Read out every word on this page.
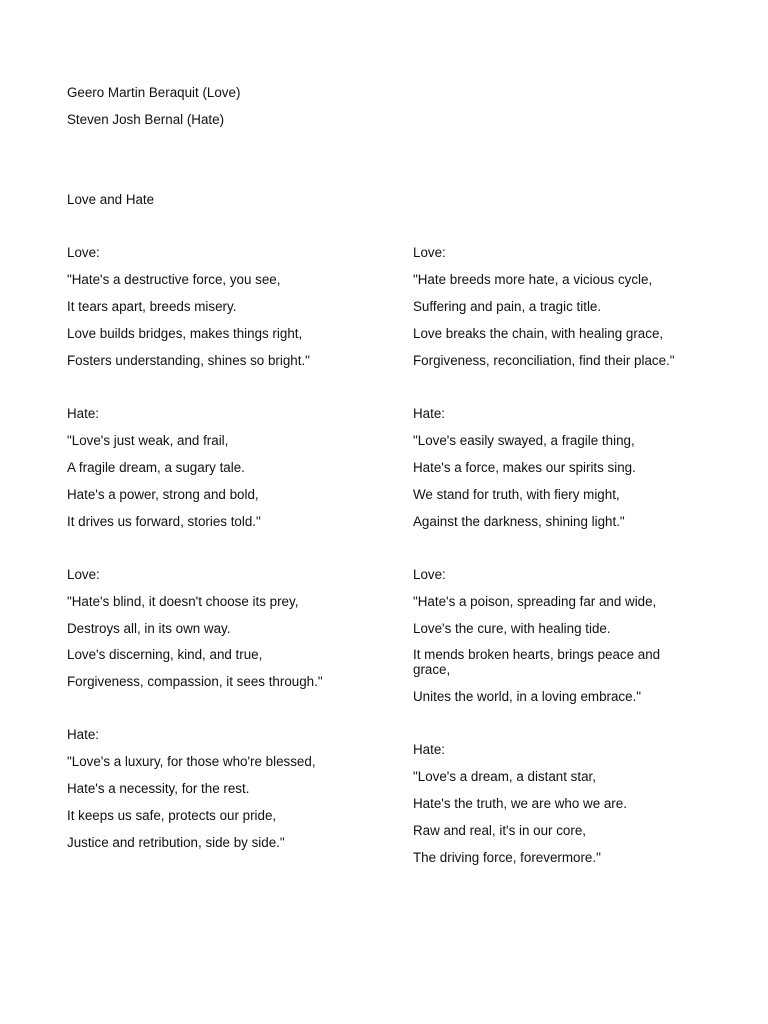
Geero Martin Beraquit (Love)
Steven Josh Bernal (Hate)
Love and Hate
Love:
"Hate's a destructive force, you see,
It tears apart, breeds misery.
Love builds bridges, makes things right,
Fosters understanding, shines so bright."
Hate:
"Love's just weak, and frail,
A fragile dream, a sugary tale.
Hate's a power, strong and bold,
It drives us forward, stories told."
Love:
"Hate's blind, it doesn't choose its prey,
Destroys all, in its own way.
Love's discerning, kind, and true,
Forgiveness, compassion, it sees through."
Hate:
"Love's a luxury, for those who're blessed,
Hate's a necessity, for the rest.
It keeps us safe, protects our pride,
Justice and retribution, side by side."
Love:
"Hate breeds more hate, a vicious cycle,
Suffering and pain, a tragic title.
Love breaks the chain, with healing grace,
Forgiveness, reconciliation, find their place."
Hate:
"Love's easily swayed, a fragile thing,
Hate's a force, makes our spirits sing.
We stand for truth, with fiery might,
Against the darkness, shining light."
Love:
"Hate's a poison, spreading far and wide,
Love's the cure, with healing tide.
It mends broken hearts, brings peace and grace,
Unites the world, in a loving embrace."
Hate:
"Love's a dream, a distant star,
Hate's the truth, we are who we are.
Raw and real, it's in our core,
The driving force, forevermore."
